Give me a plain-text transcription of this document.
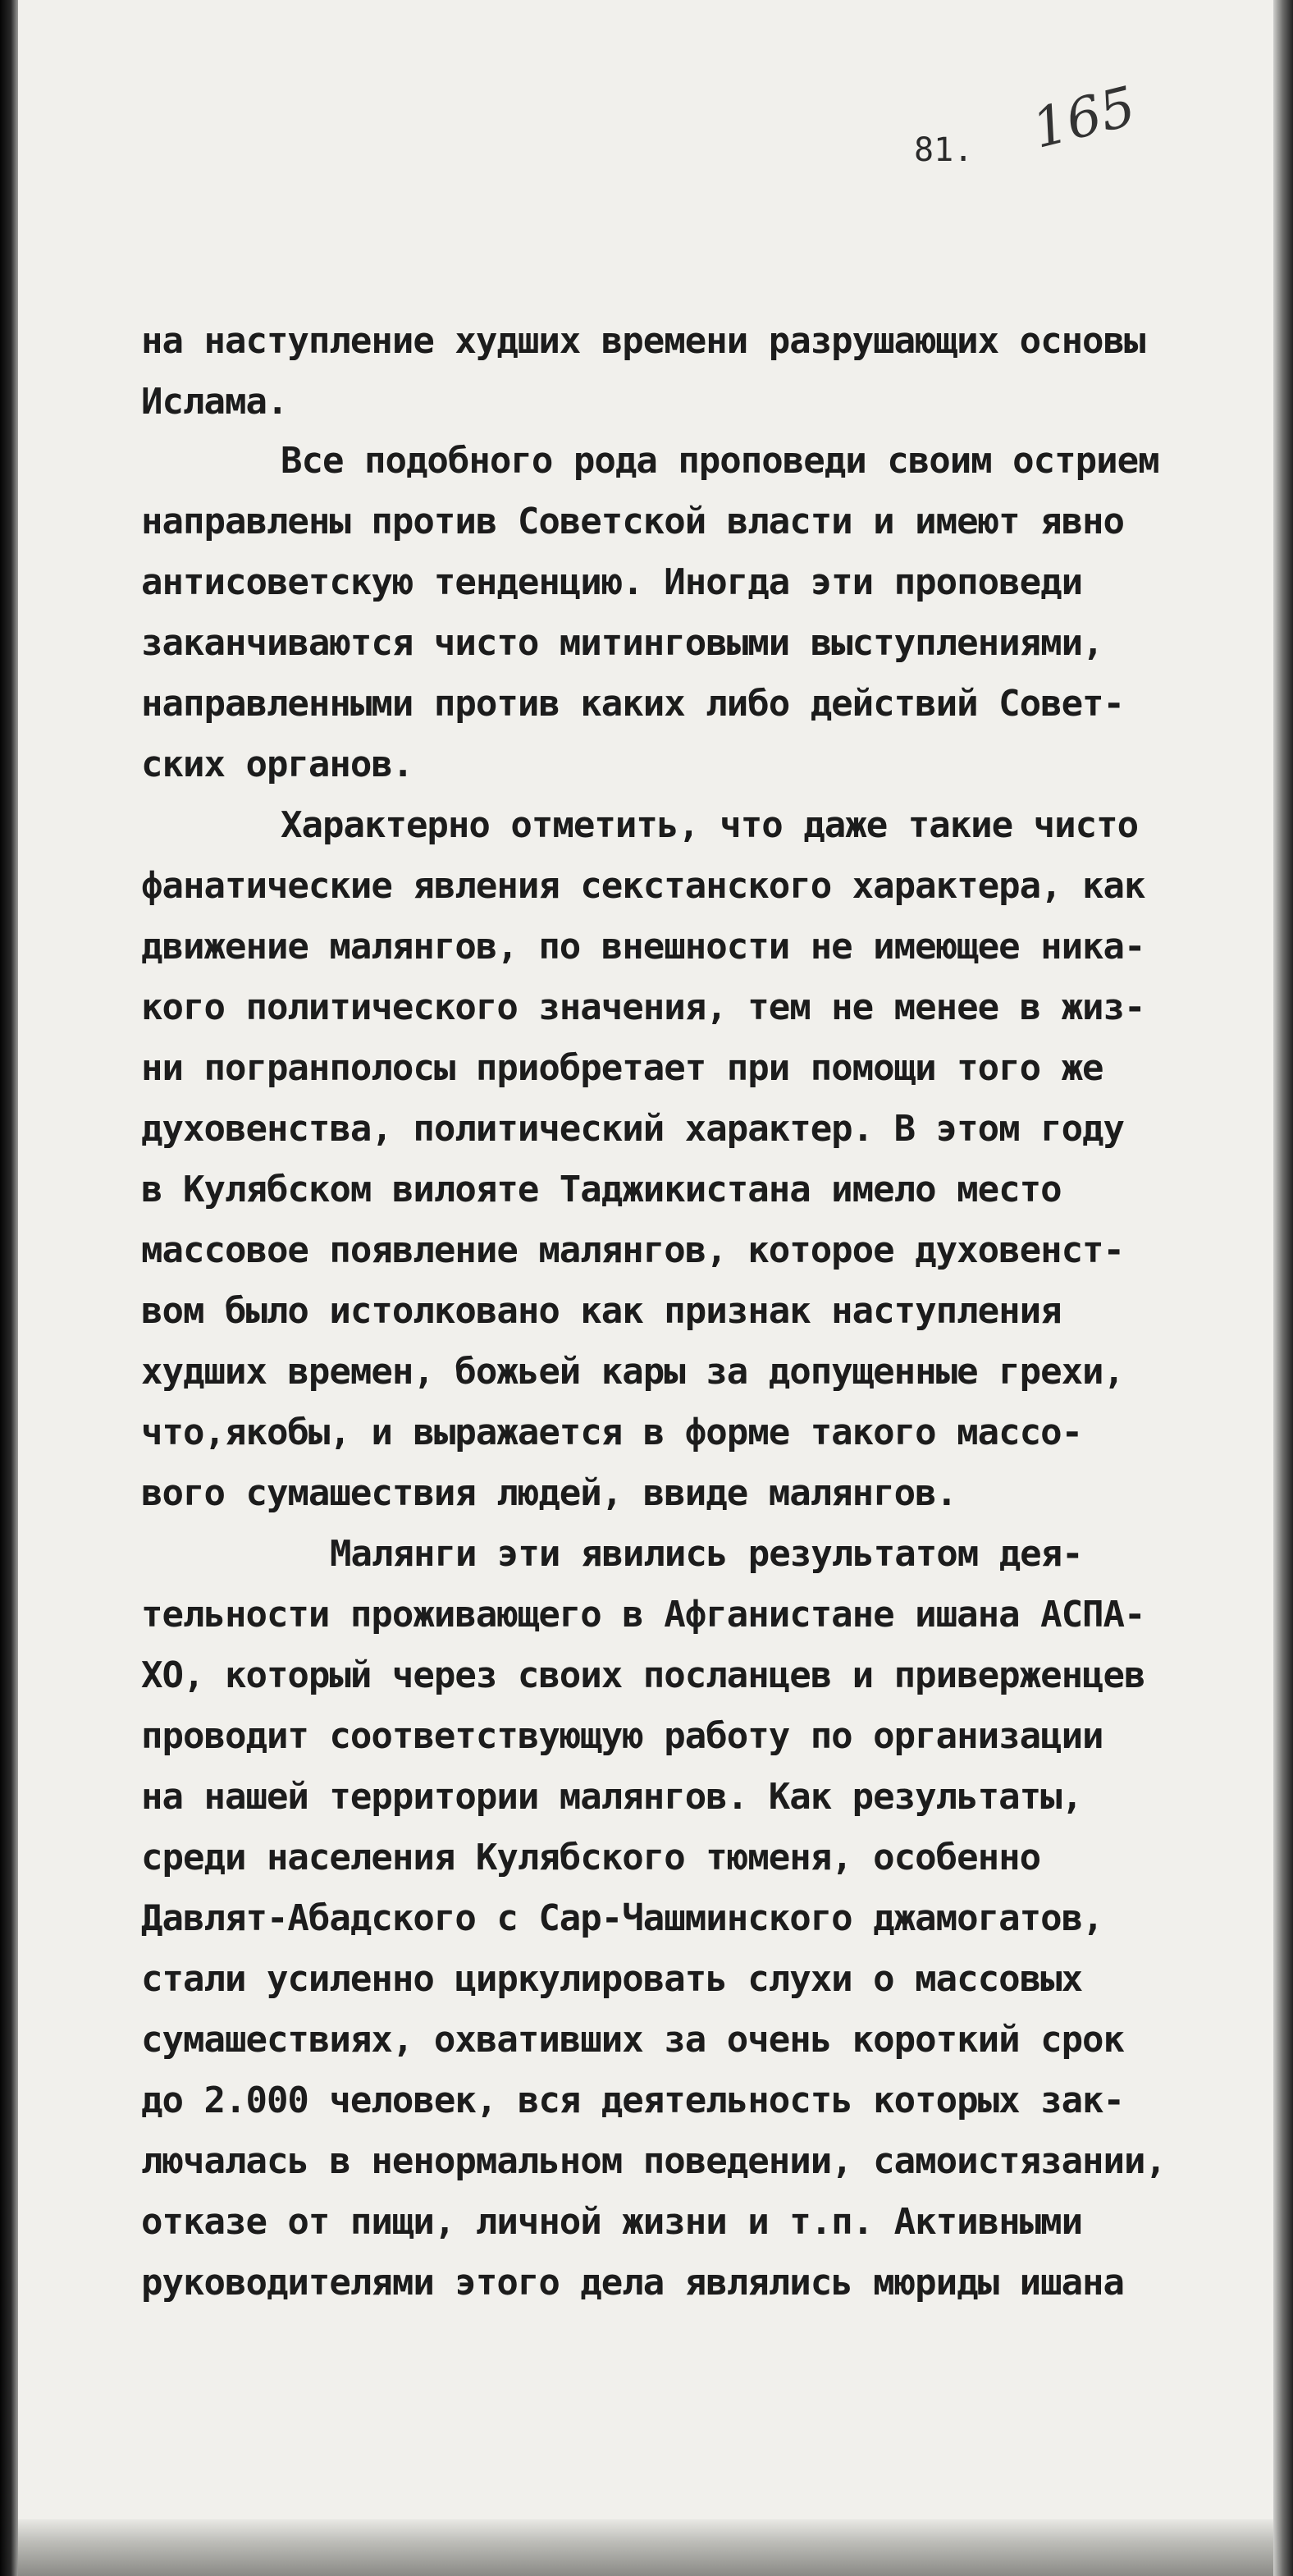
81. 165
на наступление худших времени разрушающих основы
Ислама.
Все подобного рода проповеди своим острием
направлены против Советской власти и имеют явно
антисоветскую тенденцию. Иногда эти проповеди
заканчиваются чисто митинговыми выступлениями,
направленными против каких либо действий Совет-
ских органов.
Характерно отметить, что даже такие чисто
фанатические явления секстанского характера, как
движение малянгов, по внешности не имеющее ника-
кого политического значения, тем не менее в жиз-
ни погранполосы приобретает при помощи того же
духовенства, политический характер. В этом году
в Кулябском вилояте Таджикистана имело место
массовое появление малянгов, которое духовенст-
вом было истолковано как признак наступления
худших времен, божьей кары за допущенные грехи,
что,якобы, и выражается в форме такого массо-
вого сумашествия людей, ввиде малянгов.
Малянги эти явились результатом дея-
тельности проживающего в Афганистане ишана АСПА-
ХО, который через своих посланцев и приверженцев
проводит соответствующую работу по организации
на нашей территории малянгов. Как результаты,
среди населения Кулябского тюменя, особенно
Давлят-Абадского с Сар-Чашминского джамогатов,
стали усиленно циркулировать слухи о массовых
сумашествиях, охвативших за очень короткий срок
до 2.000 человек, вся деятельность которых зак-
лючалась в ненормальном поведении, самоистязании,
отказе от пищи, личной жизни и т.п. Активными
руководителями этого дела являлись мюриды ишана
